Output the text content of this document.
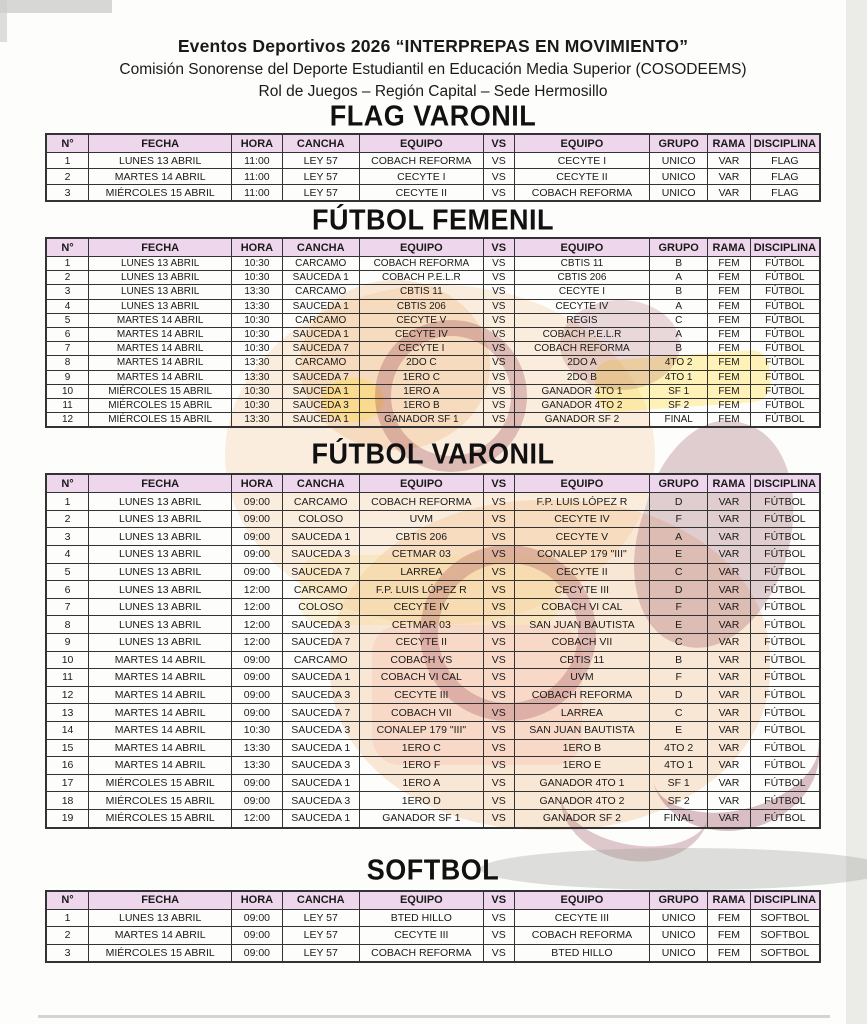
Eventos Deportivos 2026 “INTERPREPAS EN MOVIMIENTO”
Comisión Sonorense del Deporte Estudiantil en Educación Media Superior (COSODEEMS)
Rol de Juegos – Región Capital – Sede Hermosillo
FLAG VARONIL
N°	FECHA	HORA	CANCHA	EQUIPO	VS	EQUIPO	GRUPO	RAMA	DISCIPLINA
1	LUNES 13 ABRIL	11:00	LEY 57	COBACH REFORMA	VS	CECYTE I	UNICO	VAR	FLAG
2	MARTES 14 ABRIL	11:00	LEY 57	CECYTE I	VS	CECYTE II	UNICO	VAR	FLAG
3	MIÉRCOLES 15 ABRIL	11:00	LEY 57	CECYTE II	VS	COBACH REFORMA	UNICO	VAR	FLAG
FÚTBOL FEMENIL
N°	FECHA	HORA	CANCHA	EQUIPO	VS	EQUIPO	GRUPO	RAMA	DISCIPLINA
1	LUNES 13 ABRIL	10:30	CARCAMO	COBACH REFORMA	VS	CBTIS 11	B	FEM	FÚTBOL
2	LUNES 13 ABRIL	10:30	SAUCEDA 1	COBACH P.E.L.R	VS	CBTIS 206	A	FEM	FÚTBOL
3	LUNES 13 ABRIL	13:30	CARCAMO	CBTIS 11	VS	CECYTE I	B	FEM	FÚTBOL
4	LUNES 13 ABRIL	13:30	SAUCEDA 1	CBTIS 206	VS	CECYTE IV	A	FEM	FÚTBOL
5	MARTES 14 ABRIL	10:30	CARCAMO	CECYTE V	VS	REGIS	C	FEM	FÚTBOL
6	MARTES 14 ABRIL	10:30	SAUCEDA 1	CECYTE IV	VS	COBACH P.E.L.R	A	FEM	FÚTBOL
7	MARTES 14 ABRIL	10:30	SAUCEDA 7	CECYTE I	VS	COBACH REFORMA	B	FEM	FÚTBOL
8	MARTES 14 ABRIL	13:30	CARCAMO	2DO C	VS	2DO A	4TO 2	FEM	FÚTBOL
9	MARTES 14 ABRIL	13:30	SAUCEDA 7	1ERO C	VS	2DO B	4TO 1	FEM	FÚTBOL
10	MIÉRCOLES 15 ABRIL	10:30	SAUCEDA 1	1ERO A	VS	GANADOR 4TO 1	SF 1	FEM	FÚTBOL
11	MIÉRCOLES 15 ABRIL	10:30	SAUCEDA 3	1ERO B	VS	GANADOR 4TO 2	SF 2	FEM	FÚTBOL
12	MIÉRCOLES 15 ABRIL	13:30	SAUCEDA 1	GANADOR SF 1	VS	GANADOR SF 2	FINAL	FEM	FÚTBOL
FÚTBOL VARONIL
N°	FECHA	HORA	CANCHA	EQUIPO	VS	EQUIPO	GRUPO	RAMA	DISCIPLINA
1	LUNES 13 ABRIL	09:00	CARCAMO	COBACH REFORMA	VS	F.P. LUIS LÓPEZ R	D	VAR	FÚTBOL
2	LUNES 13 ABRIL	09:00	COLOSO	UVM	VS	CECYTE IV	F	VAR	FÚTBOL
3	LUNES 13 ABRIL	09:00	SAUCEDA 1	CBTIS 206	VS	CECYTE V	A	VAR	FÚTBOL
4	LUNES 13 ABRIL	09:00	SAUCEDA 3	CETMAR 03	VS	CONALEP 179 "III"	E	VAR	FÚTBOL
5	LUNES 13 ABRIL	09:00	SAUCEDA 7	LARREA	VS	CECYTE II	C	VAR	FÚTBOL
6	LUNES 13 ABRIL	12:00	CARCAMO	F.P. LUIS LÓPEZ R	VS	CECYTE III	D	VAR	FÚTBOL
7	LUNES 13 ABRIL	12:00	COLOSO	CECYTE IV	VS	COBACH VI CAL	F	VAR	FÚTBOL
8	LUNES 13 ABRIL	12:00	SAUCEDA 3	CETMAR 03	VS	SAN JUAN BAUTISTA	E	VAR	FÚTBOL
9	LUNES 13 ABRIL	12:00	SAUCEDA 7	CECYTE II	VS	COBACH VII	C	VAR	FÚTBOL
10	MARTES 14 ABRIL	09:00	CARCAMO	COBACH VS	VS	CBTIS 11	B	VAR	FÚTBOL
11	MARTES 14 ABRIL	09:00	SAUCEDA 1	COBACH VI CAL	VS	UVM	F	VAR	FÚTBOL
12	MARTES 14 ABRIL	09:00	SAUCEDA 3	CECYTE III	VS	COBACH REFORMA	D	VAR	FÚTBOL
13	MARTES 14 ABRIL	09:00	SAUCEDA 7	COBACH VII	VS	LARREA	C	VAR	FÚTBOL
14	MARTES 14 ABRIL	10:30	SAUCEDA 3	CONALEP 179 "III"	VS	SAN JUAN BAUTISTA	E	VAR	FÚTBOL
15	MARTES 14 ABRIL	13:30	SAUCEDA 1	1ERO C	VS	1ERO B	4TO 2	VAR	FÚTBOL
16	MARTES 14 ABRIL	13:30	SAUCEDA 3	1ERO F	VS	1ERO E	4TO 1	VAR	FÚTBOL
17	MIÉRCOLES 15 ABRIL	09:00	SAUCEDA 1	1ERO A	VS	GANADOR 4TO 1	SF 1	VAR	FÚTBOL
18	MIÉRCOLES 15 ABRIL	09:00	SAUCEDA 3	1ERO D	VS	GANADOR 4TO 2	SF 2	VAR	FÚTBOL
19	MIÉRCOLES 15 ABRIL	12:00	SAUCEDA 1	GANADOR SF 1	VS	GANADOR SF 2	FINAL	VAR	FÚTBOL
SOFTBOL
N°	FECHA	HORA	CANCHA	EQUIPO	VS	EQUIPO	GRUPO	RAMA	DISCIPLINA
1	LUNES 13 ABRIL	09:00	LEY 57	BTED HILLO	VS	CECYTE III	UNICO	FEM	SOFTBOL
2	MARTES 14 ABRIL	09:00	LEY 57	CECYTE III	VS	COBACH REFORMA	UNICO	FEM	SOFTBOL
3	MIÉRCOLES 15 ABRIL	09:00	LEY 57	COBACH REFORMA	VS	BTED HILLO	UNICO	FEM	SOFTBOL
